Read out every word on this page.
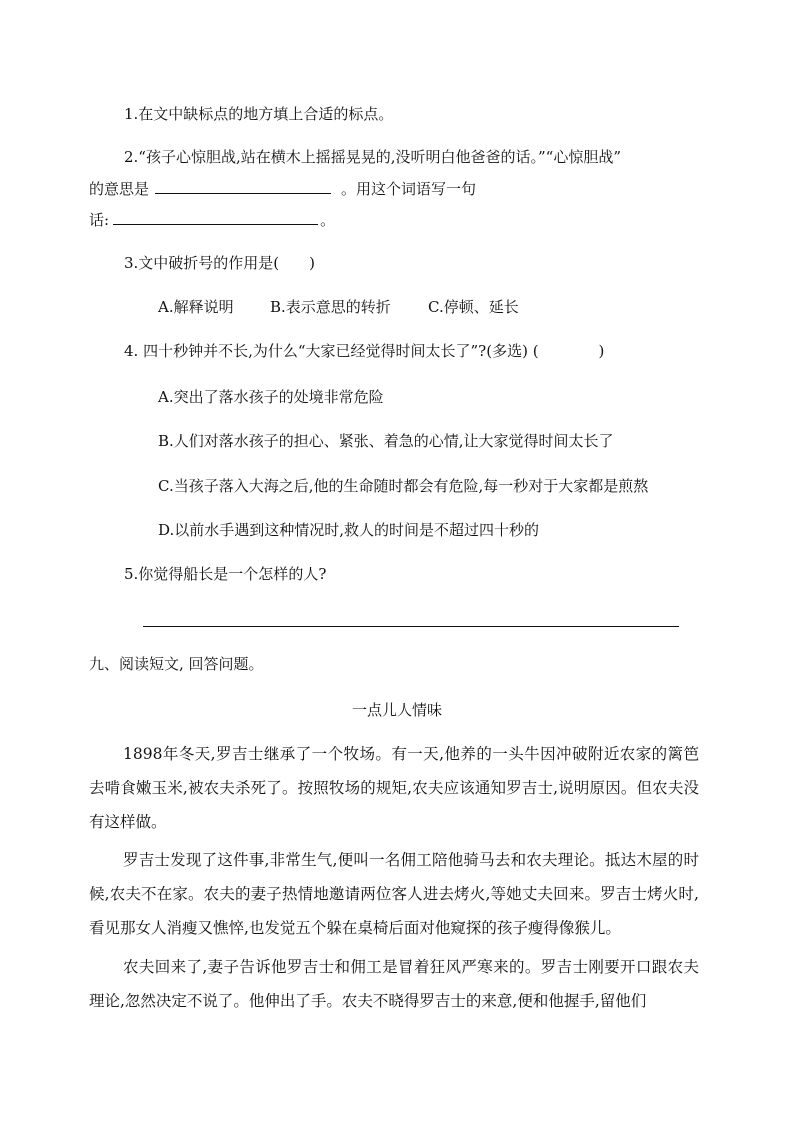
1.在文中缺标点的地方填上合适的标点。
2.“孩子心惊胆战,站在横木上摇摇晃晃的,没听明白他爸爸的话。”“心惊胆战”
的意思是	。用这个词语写一句
话:	。
3.文中破折号的作用是(　　)
A.解释说明 B.表示意思的转折 C.停顿、延长
4. 四十秒钟并不长,为什么“大家已经觉得时间太长了”?(多选) (　　　　)
A.突出了落水孩子的处境非常危险
B.人们对落水孩子的担心、紧张、着急的心情,让大家觉得时间太长了
C.当孩子落入大海之后,他的生命随时都会有危险,每一秒对于大家都是煎熬
D.以前水手遇到这种情况时,救人的时间是不超过四十秒的
5.你觉得船长是一个怎样的人?
九、阅读短文, 回答问题。
一点儿人情味
1898年冬天,罗吉士继承了一个牧场。有一天,他养的一头牛因冲破附近农家的篱笆去啃食嫩玉米,被农夫杀死了。按照牧场的规矩,农夫应该通知罗吉士,说明原因。但农夫没有这样做。
罗吉士发现了这件事,非常生气,便叫一名佣工陪他骑马去和农夫理论。抵达木屋的时候,农夫不在家。农夫的妻子热情地邀请两位客人进去烤火,等她丈夫回来。罗吉士烤火时,看见那女人消瘦又憔悴,也发觉五个躲在桌椅后面对他窥探的孩子瘦得像猴儿。
农夫回来了,妻子告诉他罗吉士和佣工是冒着狂风严寒来的。罗吉士刚要开口跟农夫理论,忽然决定不说了。他伸出了手。农夫不晓得罗吉士的来意,便和他握手,留他们
